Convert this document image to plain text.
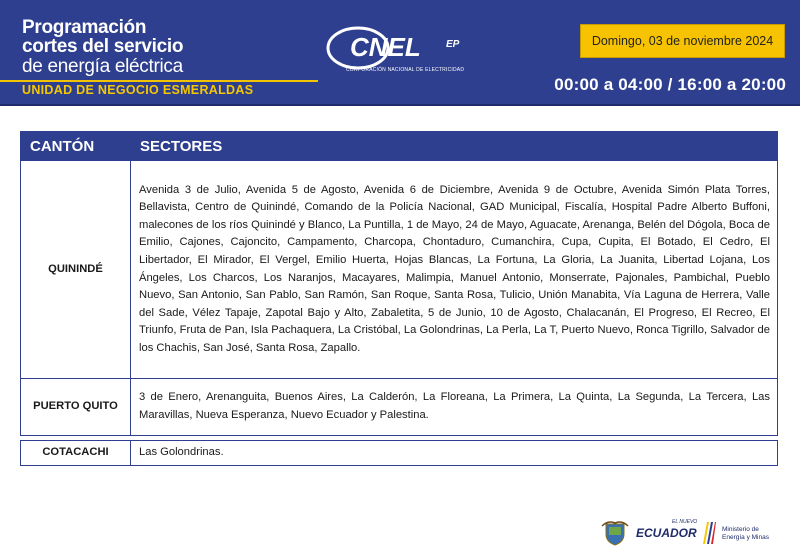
Programación
cortes del servicio
de energía eléctrica
UNIDAD DE NEGOCIO ESMERALDAS
CNEL	EP
CORPORACIÓN NACIONAL DE ELECTRICIDAD
Domingo, 03 de noviembre 2024
00:00 a 04:00 / 16:00 a 20:00
CANTÓN	SECTORES
QUININDÉ	Avenida 3 de Julio, Avenida 5 de Agosto, Avenida 6 de Diciembre, Avenida 9 de Octubre, Avenida Simón Plata Torres, Bellavista, Centro de Quinindé, Comando de la Policía Nacional, GAD Municipal, Fiscalía, Hospital Padre Alberto Buffoni, malecones de los ríos Quinindé y Blanco, La Puntilla, 1 de Mayo, 24 de Mayo, Aguacate, Arenanga, Belén del Dógola, Boca de Emilio, Cajones, Cajoncito, Campamento, Charcopa, Chontaduro, Cumanchira, Cupa, Cupita, El Botado, El Cedro, El Libertador, El Mirador, El Vergel, Emilio Huerta, Hojas Blancas, La Fortuna, La Gloria, La Juanita, Libertad Lojana, Los Ángeles, Los Charcos, Los Naranjos, Macayares, Malimpia, Manuel Antonio, Monserrate, Pajonales, Pambichal, Pueblo Nuevo, San Antonio, San Pablo, San Ramón, San Roque, Santa Rosa, Tulicio, Unión Manabita, Vía Laguna de Herrera, Valle del Sade, Vélez Tapaje, Zapotal Bajo y Alto, Zabaletita, 5 de Junio, 10 de Agosto, Chalacanán, El Progreso, El Recreo, El Triunfo, Fruta de Pan, Isla Pachaquera, La Cristóbal, La Golondrinas, La Perla, La T, Puerto Nuevo, Ronca Tigrillo, Salvador de los Chachis, San José, Santa Rosa, Zapallo.
PUERTO QUITO	3 de Enero, Arenanguita, Buenos Aires, La Calderón, La Floreana, La Primera, La Quinta, La Segunda, La Tercera, Las Maravillas, Nueva Esperanza, Nuevo Ecuador y Palestina.

COTACACHI	Las Golondrinas.
EL NUEVO
ECUADOR	Ministerio de
Energía y Minas
